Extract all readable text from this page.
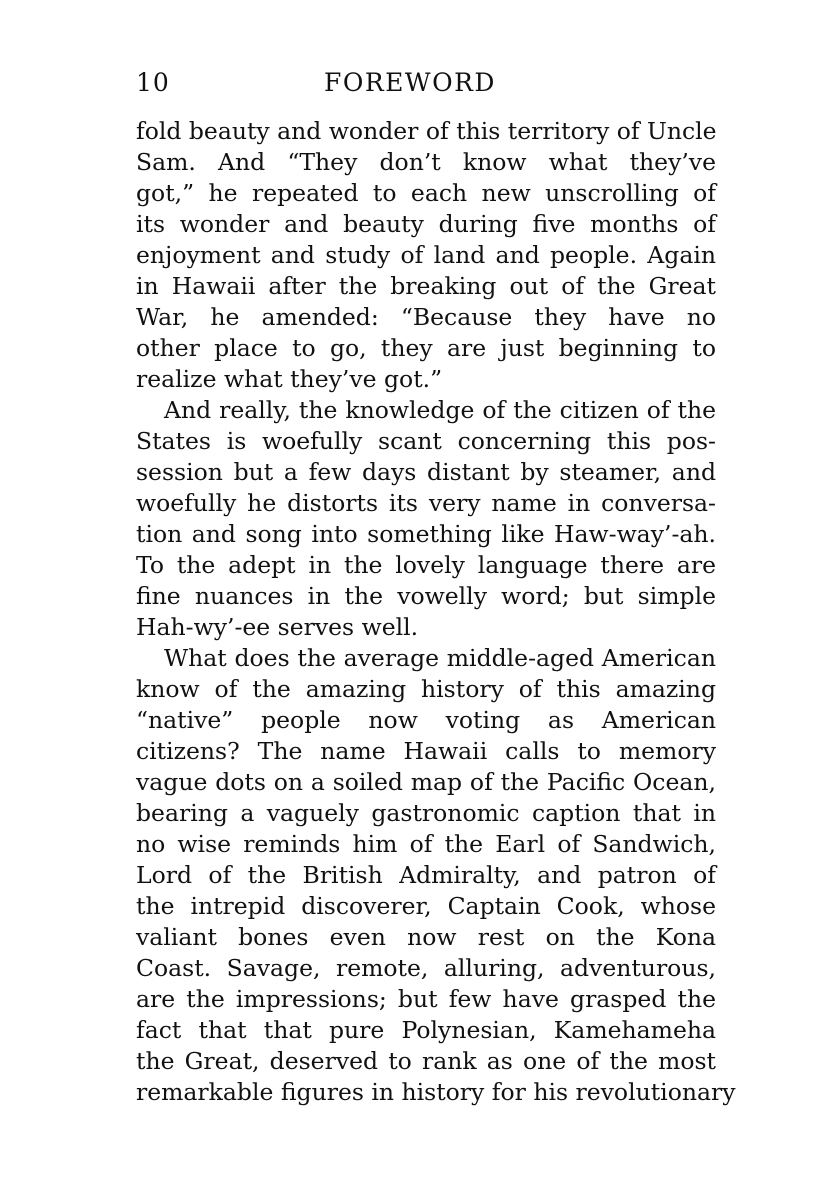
10	FOREWORD
fold beauty and wonder of this territory of Uncle
Sam. And “They don’t know what they’ve
got,” he repeated to each new unscrolling of
its wonder and beauty during five months of
enjoyment and study of land and people. Again
in Hawaii after the breaking out of the Great
War, he amended: “Because they have no
other place to go, they are just beginning to
realize what they’ve got.”
And really, the knowledge of the citizen of the
States is woefully scant concerning this pos-
session but a few days distant by steamer, and
woefully he distorts its very name in conversa-
tion and song into something like Haw-way’-ah.
To the adept in the lovely language there are
fine nuances in the vowelly word; but simple
Hah-wy’-ee serves well.
What does the average middle-aged American
know of the amazing history of this amazing
“native” people now voting as American
citizens? The name Hawaii calls to memory
vague dots on a soiled map of the Pacific Ocean,
bearing a vaguely gastronomic caption that in
no wise reminds him of the Earl of Sandwich,
Lord of the British Admiralty, and patron of
the intrepid discoverer, Captain Cook, whose
valiant bones even now rest on the Kona
Coast. Savage, remote, alluring, adventurous,
are the impressions; but few have grasped the
fact that that pure Polynesian, Kamehameha
the Great, deserved to rank as one of the most
remarkable figures in history for his revolutionary
